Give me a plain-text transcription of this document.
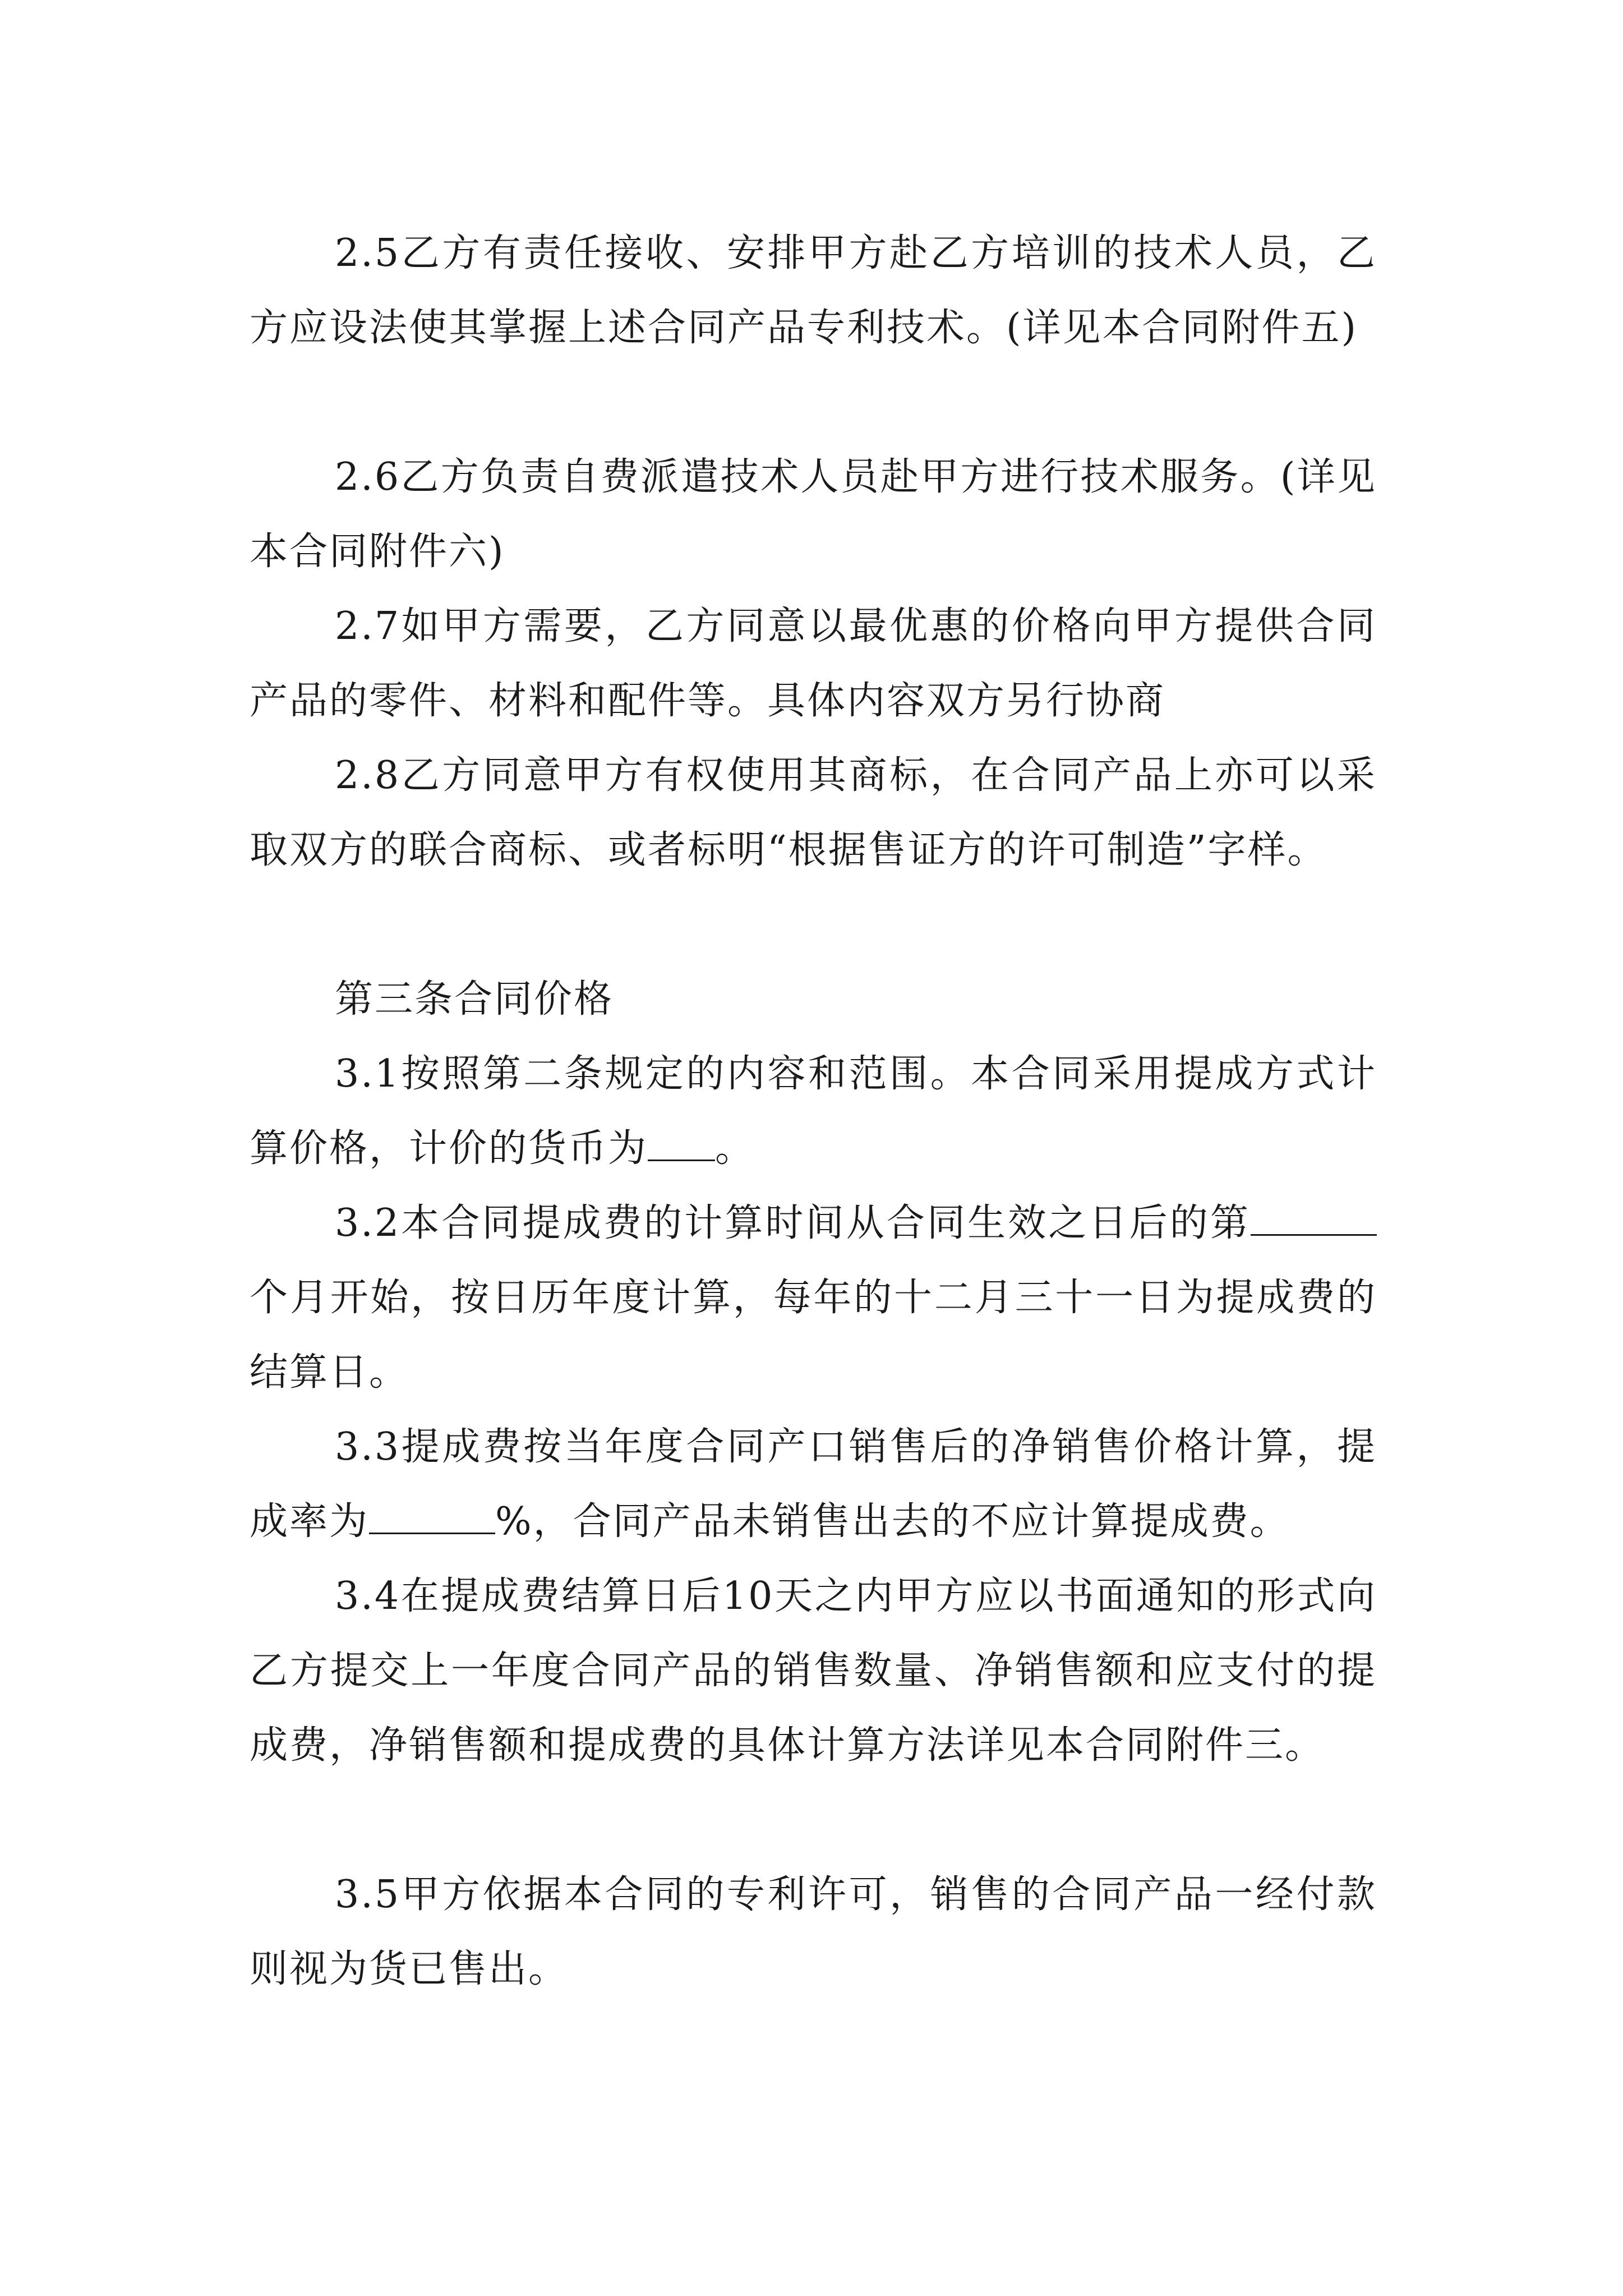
2.5乙方有责任接收、安排甲方赴乙方培训的技术人员，乙方应设法使其掌握上述合同产品专利技术。(详见本合同附件五)

2.6乙方负责自费派遣技术人员赴甲方进行技术服务。(详见本合同附件六)

2.7如甲方需要，乙方同意以最优惠的价格向甲方提供合同产品的零件、材料和配件等。具体内容双方另行协商

2.8乙方同意甲方有权使用其商标，在合同产品上亦可以采取双方的联合商标、或者标明“根据售证方的许可制造”字样。

第三条合同价格

3.1按照第二条规定的内容和范围。本合同采用提成方式计算价格，计价的货币为 。

3.2本合同提成费的计算时间从合同生效之日后的第个月开始，按日历年度计算，每年的十二月三十一日为提成费的结算日。

3.3提成费按当年度合同产口销售后的净销售价格计算，提成率为	%，合同产品未销售出去的不应计算提成费。

3.4在提成费结算日后10天之内甲方应以书面通知的形式向乙方提交上一年度合同产品的销售数量、净销售额和应支付的提成费，净销售额和提成费的具体计算方法详见本合同附件三。

3.5甲方依据本合同的专利许可，销售的合同产品一经付款则视为货已售出。
